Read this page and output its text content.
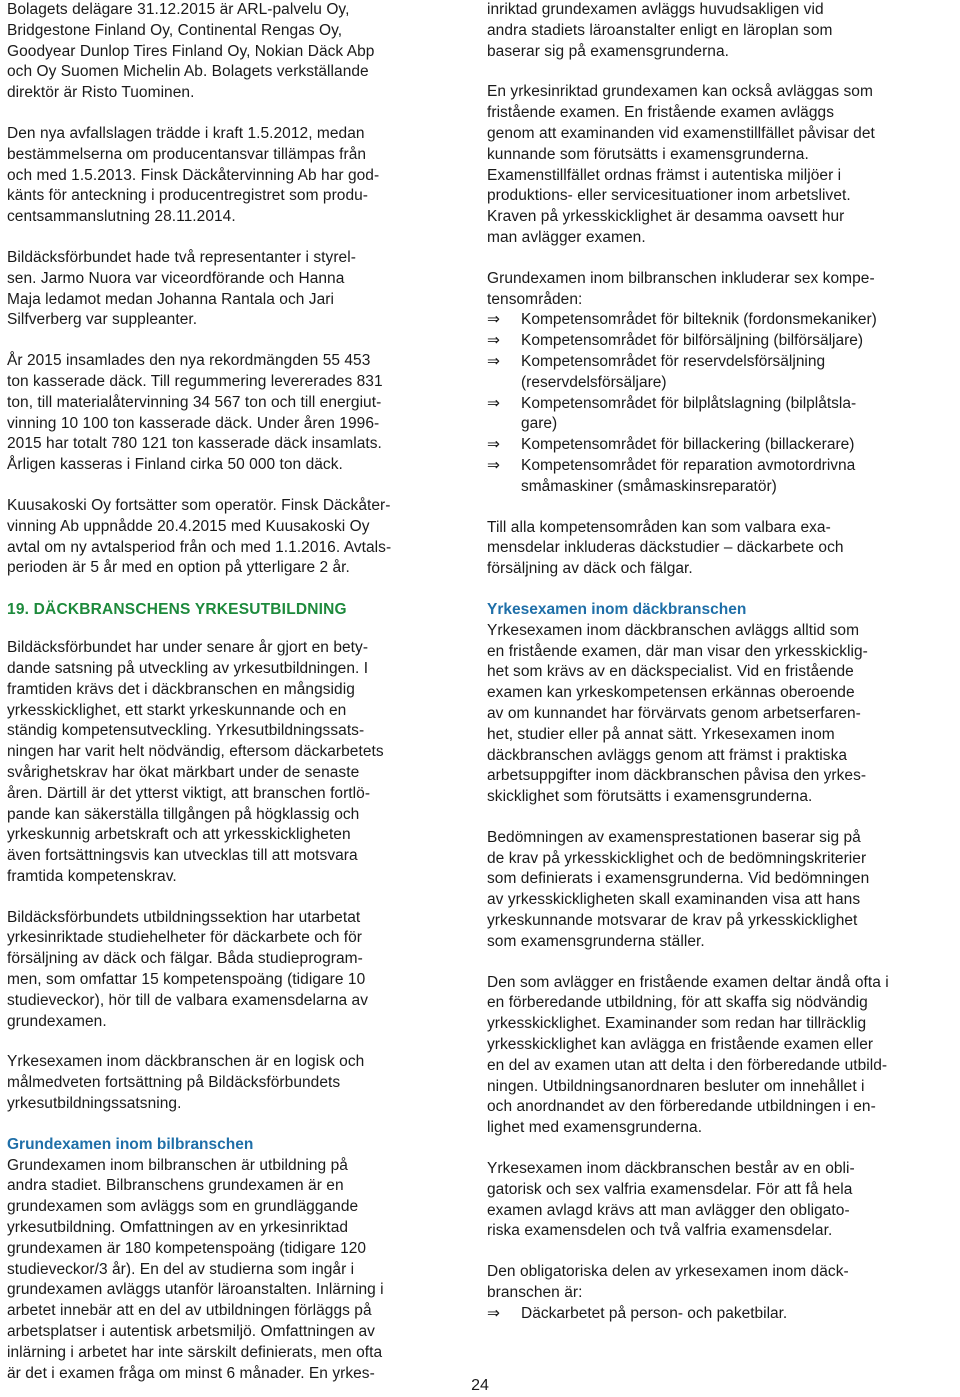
Bolagets delägare 31.12.2015 är ARL-palvelu Oy,
Bridgestone Finland Oy, Continental Rengas Oy,
Goodyear Dunlop Tires Finland Oy, Nokian Däck Abp
och Oy Suomen Michelin Ab. Bolagets verkställande
direktör är Risto Tuominen.

Den nya avfallslagen trädde i kraft 1.5.2012, medan
bestämmelserna om producentansvar tillämpas från
och med 1.5.2013. Finsk Däckåtervinning Ab har god-
känts för anteckning i producentregistret som produ-
centsammanslutning 28.11.2014.

Bildäcksförbundet hade två representanter i styrel-
sen. Jarmo Nuora var viceordförande och Hanna
Maja ledamot medan Johanna Rantala och Jari
Silfverberg var suppleanter.

År 2015 insamlades den nya rekordmängden 55 453
ton kasserade däck. Till regummering levererades 831
ton, till materialåtervinning 34 567 ton och till energiut-
vinning 10 100 ton kasserade däck. Under åren 1996-
2015 har totalt 780 121 ton kasserade däck insamlats.
Årligen kasseras i Finland cirka 50 000 ton däck.

Kuusakoski Oy fortsätter som operatör. Finsk Däckåter-
vinning Ab uppnådde 20.4.2015 med Kuusakoski Oy
avtal om ny avtalsperiod från och med 1.1.2016. Avtals-
perioden är 5 år med en option på ytterligare 2 år.

19. DÄCKBRANSCHENS YRKESUTBILDNING

Bildäcksförbundet har under senare år gjort en bety-
dande satsning på utveckling av yrkesutbildningen. I
framtiden krävs det i däckbranschen en mångsidig
yrkesskicklighet, ett starkt yrkeskunnande och en
ständig kompetensutveckling. Yrkesutbildningssats-
ningen har varit helt nödvändig, eftersom däckarbetets
svårighetskrav har ökat märkbart under de senaste
åren. Därtill är det ytterst viktigt, att branschen fortlö-
pande kan säkerställa tillgången på högklassig och
yrkeskunnig arbetskraft och att yrkesskickligheten
även fortsättningsvis kan utvecklas till att motsvara
framtida kompetenskrav.

Bildäcksförbundets utbildningssektion har utarbetat
yrkesinriktade studiehelheter för däckarbete och för
försäljning av däck och fälgar. Båda studieprogram-
men, som omfattar 15 kompetenspoäng (tidigare 10
studieveckor), hör till de valbara examensdelarna av
grundexamen.

Yrkesexamen inom däckbranschen är en logisk och
målmedveten fortsättning på Bildäcksförbundets
yrkesutbildningssatsning.

Grundexamen inom bilbranschen

Grundexamen inom bilbranschen är utbildning på
andra stadiet. Bilbranschens grundexamen är en
grundexamen som avläggs som en grundläggande
yrkesutbildning. Omfattningen av en yrkesinriktad
grundexamen är 180 kompetenspoäng (tidigare 120
studieveckor/3 år). En del av studierna som ingår i
grundexamen avläggs utanför läroanstalten. Inlärning i
arbetet innebär att en del av utbildningen förläggs på
arbetsplatser i autentisk arbetsmiljö. Omfattningen av
inlärning i arbetet har inte särskilt definierats, men ofta
är det i examen fråga om minst 6 månader. En yrkes-

inriktad grundexamen avläggs huvudsakligen vid
andra stadiets läroanstalter enligt en läroplan som
baserar sig på examensgrunderna.

En yrkesinriktad grundexamen kan också avläggas som
fristående examen. En fristående examen avläggs
genom att examinanden vid examenstillfället påvisar det
kunnande som förutsätts i examensgrunderna.
Examenstillfället ordnas främst i autentiska miljöer i
produktions- eller servicesituationer inom arbetslivet.
Kraven på yrkesskicklighet är desamma oavsett hur
man avlägger examen.

Grundexamen inom bilbranschen inkluderar sex kompe-
tensområden:

⇒	Kompetensområdet för bilteknik (fordonsmekaniker)
⇒	Kompetensområdet för bilförsäljning (bilförsäljare)
⇒	Kompetensområdet för reservdelsförsäljning
(reservdelsförsäljare)
⇒	Kompetensområdet för bilplåtslagning (bilplåtsla-
gare)
⇒	Kompetensområdet för billackering (billackerare)
⇒	Kompetensområdet för reparation avmotordrivna
småmaskiner (småmaskinsreparatör)

Till alla kompetensområden kan som valbara exa-
mensdelar inkluderas däckstudier – däckarbete och
försäljning av däck och fälgar.

Yrkesexamen inom däckbranschen

Yrkesexamen inom däckbranschen avläggs alltid som
en fristående examen, där man visar den yrkesskicklig-
het som krävs av en däckspecialist. Vid en fristående
examen kan yrkeskompetensen erkännas oberoende
av om kunnandet har förvärvats genom arbetserfaren-
het, studier eller på annat sätt. Yrkesexamen inom
däckbranschen avläggs genom att främst i praktiska
arbetsuppgifter inom däckbranschen påvisa den yrkes-
skicklighet som förutsätts i examensgrunderna.

Bedömningen av examensprestationen baserar sig på
de krav på yrkesskicklighet och de bedömningskriterier
som definierats i examensgrunderna. Vid bedömningen
av yrkesskickligheten skall examinanden visa att hans
yrkeskunnande motsvarar de krav på yrkesskicklighet
som examensgrunderna ställer.

Den som avlägger en fristående examen deltar ändå ofta i
en förberedande utbildning, för att skaffa sig nödvändig
yrkesskicklighet. Examinander som redan har tillräcklig
yrkesskicklighet kan avlägga en fristående examen eller
en del av examen utan att delta i den förberedande utbild-
ningen. Utbildningsanordnaren besluter om innehållet i
och anordnandet av den förberedande utbildningen i en-
lighet med examensgrunderna.

Yrkesexamen inom däckbranschen består av en obli-
gatorisk och sex valfria examensdelar. För att få hela
examen avlagd krävs att man avlägger den obligato-
riska examensdelen och två valfria examensdelar.

Den obligatoriska delen av yrkesexamen inom däck-
branschen är:

⇒	Däckarbetet på person- och paketbilar.
24
